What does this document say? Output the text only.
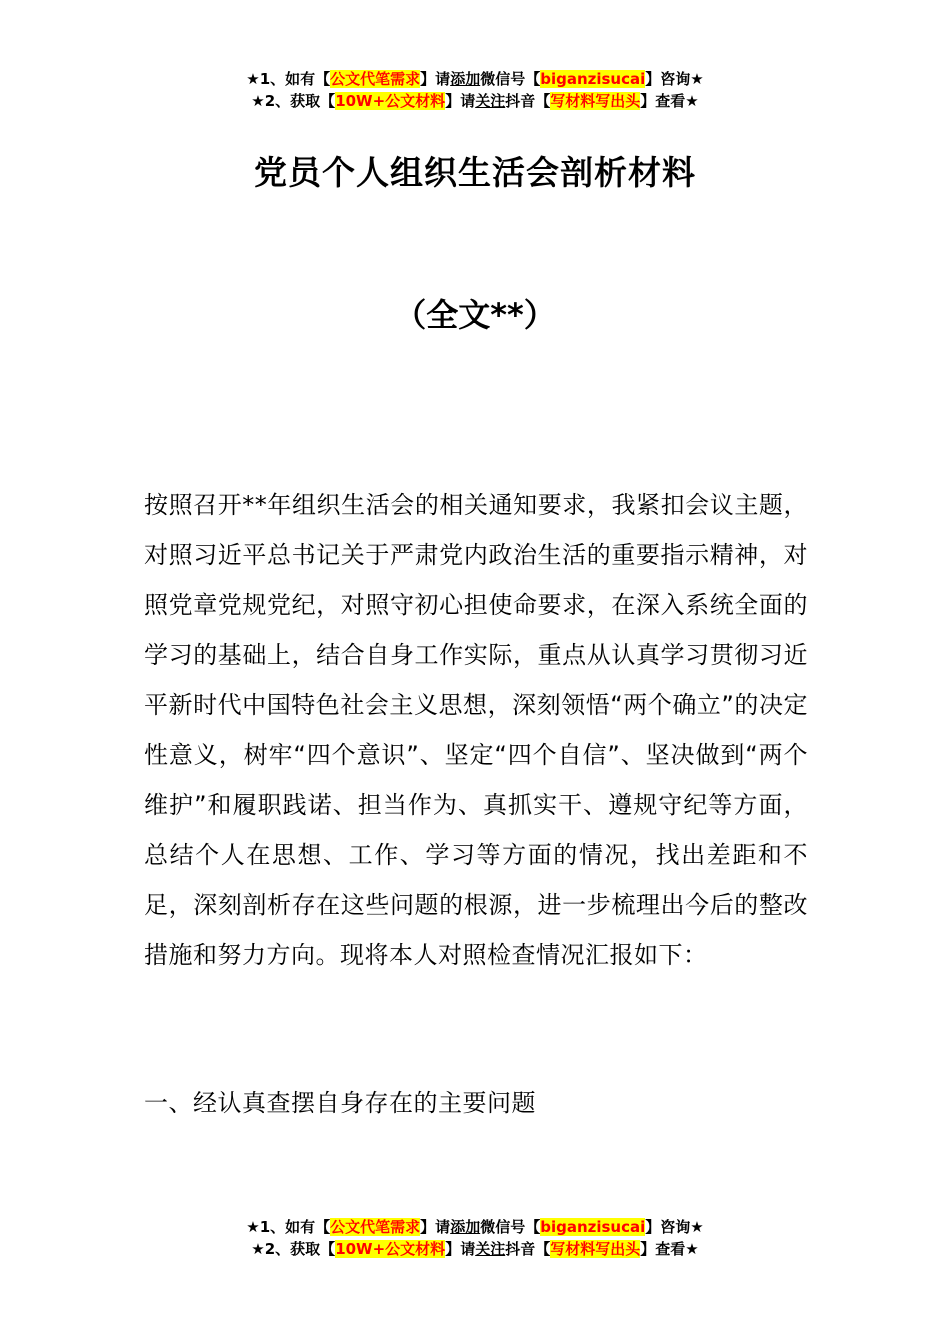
★1、如有【公文代笔需求】请添加微信号【biganzisucai】咨询★
★2、获取【10W+公文材料】请关注抖音【写材料写出头】查看★
党员个人组织生活会剖析材料
（全文**）

按照召开**年组织生活会的相关通知要求，我紧扣会议主题，对照习近平总书记关于严肃党内政治生活的重要指示精神，对照党章党规党纪，对照守初心担使命要求，在深入系统全面的学习的基础上，结合自身工作实际，重点从认真学习贯彻习近平新时代中国特色社会主义思想，深刻领悟“两个确立”的决定性意义，树牢“四个意识”、坚定“四个自信”、坚决做到“两个维护”和履职践诺、担当作为、真抓实干、遵规守纪等方面，总结个人在思想、工作、学习等方面的情况，找出差距和不足，深刻剖析存在这些问题的根源，进一步梳理出今后的整改措施和努力方向。现将本人对照检查情况汇报如下：

一、经认真查摆自身存在的主要问题

★1、如有【公文代笔需求】请添加微信号【biganzisucai】咨询★
★2、获取【10W+公文材料】请关注抖音【写材料写出头】查看★
